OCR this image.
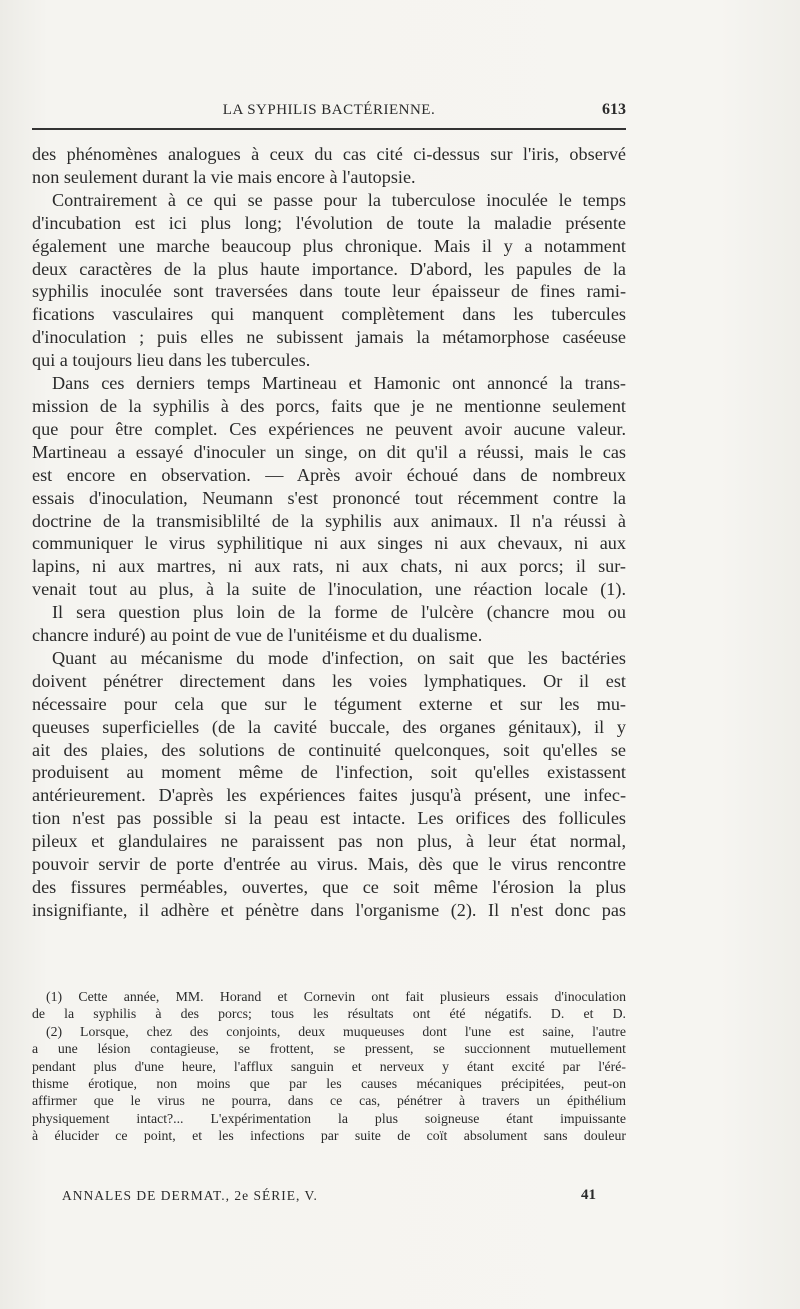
LA SYPHILIS BACTÉRIENNE.	613
des phénomènes analogues à ceux du cas cité ci-dessus sur l'iris, observé
non seulement durant la vie mais encore à l'autopsie.
Contrairement à ce qui se passe pour la tuberculose inoculée le temps
d'incubation est ici plus long; l'évolution de toute la maladie présente
également une marche beaucoup plus chronique. Mais il y a notamment
deux caractères de la plus haute importance. D'abord, les papules de la
syphilis inoculée sont traversées dans toute leur épaisseur de fines rami-
fications vasculaires qui manquent complètement dans les tubercules
d'inoculation ; puis elles ne subissent jamais la métamorphose caséeuse
qui a toujours lieu dans les tubercules.
Dans ces derniers temps Martineau et Hamonic ont annoncé la trans-
mission de la syphilis à des porcs, faits que je ne mentionne seulement
que pour être complet. Ces expériences ne peuvent avoir aucune valeur.
Martineau a essayé d'inoculer un singe, on dit qu'il a réussi, mais le cas
est encore en observation. — Après avoir échoué dans de nombreux
essais d'inoculation, Neumann s'est prononcé tout récemment contre la
doctrine de la transmisiblilté de la syphilis aux animaux. Il n'a réussi à
communiquer le virus syphilitique ni aux singes ni aux chevaux, ni aux
lapins, ni aux martres, ni aux rats, ni aux chats, ni aux porcs; il sur-
venait tout au plus, à la suite de l'inoculation, une réaction locale (1).
Il sera question plus loin de la forme de l'ulcère (chancre mou ou
chancre induré) au point de vue de l'unitéisme et du dualisme.
Quant au mécanisme du mode d'infection, on sait que les bactéries
doivent pénétrer directement dans les voies lymphatiques. Or il est
nécessaire pour cela que sur le tégument externe et sur les mu-
queuses superficielles (de la cavité buccale, des organes génitaux), il y
ait des plaies, des solutions de continuité quelconques, soit qu'elles se
produisent au moment même de l'infection, soit qu'elles existassent
antérieurement. D'après les expériences faites jusqu'à présent, une infec-
tion n'est pas possible si la peau est intacte. Les orifices des follicules
pileux et glandulaires ne paraissent pas non plus, à leur état normal,
pouvoir servir de porte d'entrée au virus. Mais, dès que le virus rencontre
des fissures perméables, ouvertes, que ce soit même l'érosion la plus
insignifiante, il adhère et pénètre dans l'organisme (2). Il n'est donc pas
(1) Cette année, MM. Horand et Cornevin ont fait plusieurs essais d'inoculation
de la syphilis à des porcs; tous les résultats ont été négatifs. D. et D.
(2) Lorsque, chez des conjoints, deux muqueuses dont l'une est saine, l'autre
a une lésion contagieuse, se frottent, se pressent, se succionnent mutuellement
pendant plus d'une heure, l'afflux sanguin et nerveux y étant excité par l'éré-
thisme érotique, non moins que par les causes mécaniques précipitées, peut-on
affirmer que le virus ne pourra, dans ce cas, pénétrer à travers un épithélium
physiquement intact?... L'expérimentation la plus soigneuse étant impuissante
à élucider ce point, et les infections par suite de coït absolument sans douleur
ANNALES DE DERMAT., 2e SÉRIE, V.	41
